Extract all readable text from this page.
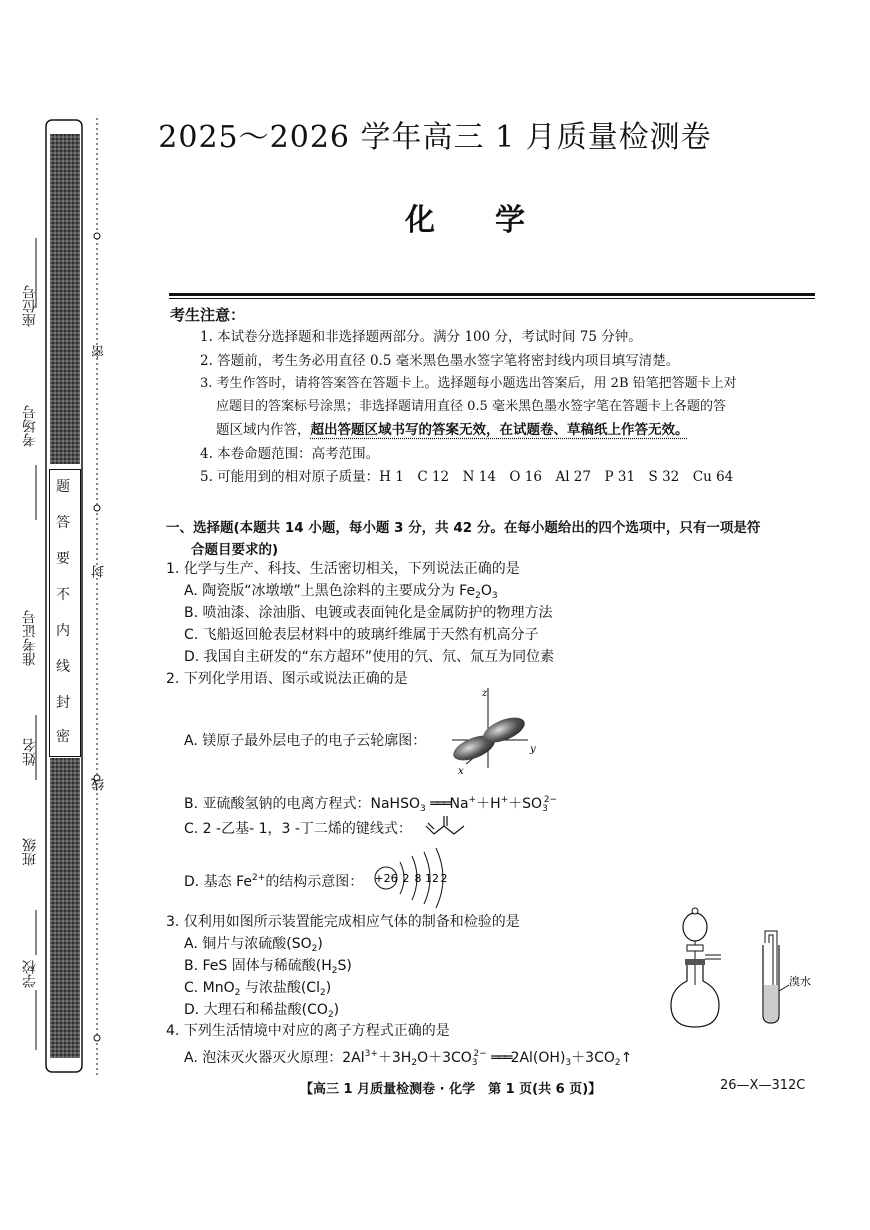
题
答
要
不
内
线
封
密
座位号
考场号
准考证号
姓名
班级
学校
密
封
线
2025～2026 学年高三 1 月质量检测卷
化学
考生注意：
1. 本试卷分选择题和非选择题两部分。满分 100 分，考试时间 75 分钟。
2. 答题前，考生务必用直径 0.5 毫米黑色墨水签字笔将密封线内项目填写清楚。
3. 考生作答时，请将答案答在答题卡上。选择题每小题选出答案后，用 2B 铅笔把答题卡上对
应题目的答案标号涂黑；非选择题请用直径 0.5 毫米黑色墨水签字笔在答题卡上各题的答
题区域内作答，超出答题区域书写的答案无效，在试题卷、草稿纸上作答无效。
4. 本卷命题范围：高考范围。
5. 可能用到的相对原子质量：H 1　C 12　N 14　O 16　Al 27　P 31　S 32　Cu 64
一、选择题(本题共 14 小题，每小题 3 分，共 42 分。在每小题给出的四个选项中，只有一项是符
合题目要求的)
1. 化学与生产、科技、生活密切相关，下列说法正确的是
A. 陶瓷版“冰墩墩”上黑色涂料的主要成分为 $Fe_2O_3$
B. 喷油漆、涂油脂、电镀或表面钝化是金属防护的物理方法
C. 飞船返回舱表层材料中的玻璃纤维属于天然有机高分子
D. 我国自主研发的“东方超环”使用的氕、氘、氚互为同位素
2. 下列化学用语、图示或说法正确的是
A. 镁原子最外层电子的电子云轮廓图：
z
y
x
B. 亚硫酸氢钠的电离方程式：NaHSO$_3$ $═══Na^++H^++SO_3^{2-}$
C. 2 -乙基- 1，3 -丁二烯的键线式：
D. 基态 $Fe^{2+}$的结构示意图： +26 2 8 12 2
3. 仅利用如图所示装置能完成相应气体的制备和检验的是
A. 铜片与浓硫酸$(SO_2)$
B. FeS 固体与稀硫酸$(H_2S)$
C. MnO$_2$ 与浓盐酸$(Cl_2)$
D. 大理石和稀盐酸$(CO_2)$
溴水
4. 下列生活情境中对应的离子方程式正确的是
A. 泡沫灭火器灭火原理：$2Al^{3+}+3H_2O+3CO_3^{2-}$ $═══2Al(OH)_3+3CO_2↑$
【高三 1 月质量检测卷 · 化学　第 1 页(共 6 页)】	26—X—312C
